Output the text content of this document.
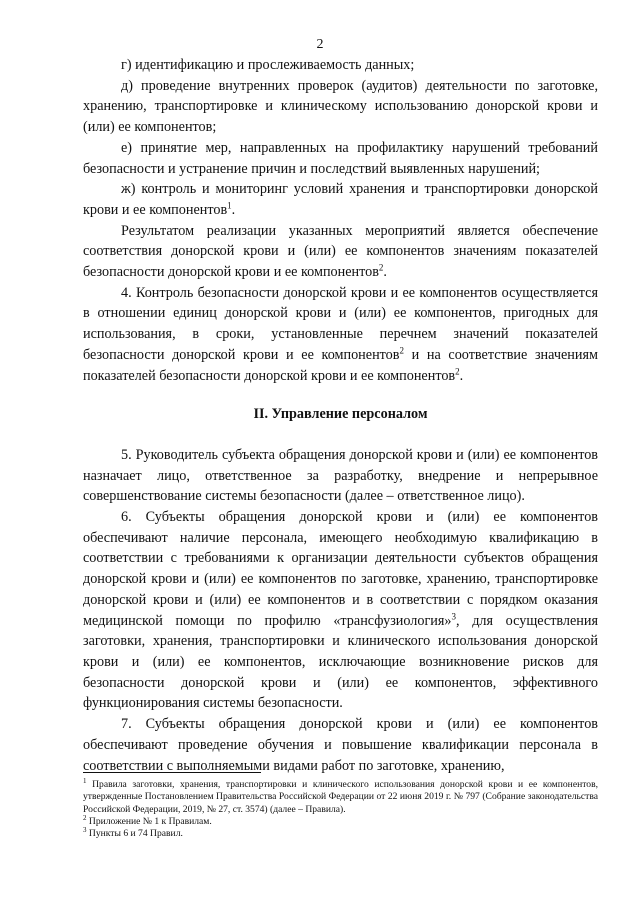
2

г) идентификацию и прослеживаемость данных;

д) проведение внутренних проверок (аудитов) деятельности по заготовке, хранению, транспортировке и клиническому использованию донорской крови и (или) ее компонентов;

е) принятие мер, направленных на профилактику нарушений требований безопасности и устранение причин и последствий выявленных нарушений;

ж) контроль и мониторинг условий хранения и транспортировки донорской крови и ее компонентов$^1$.

Результатом реализации указанных мероприятий является обеспечение соответствия донорской крови и (или) ее компонентов значениям показателей безопасности донорской крови и ее компонентов$^2$.

4. Контроль безопасности донорской крови и ее компонентов осуществляется в отношении единиц донорской крови и (или) ее компонентов, пригодных для использования, в сроки, установленные перечнем значений показателей безопасности донорской крови и ее компонентов$^2$ и на соответствие значениям показателей безопасности донорской крови и ее компонентов$^2$.

II. Управление персоналом

5. Руководитель субъекта обращения донорской крови и (или) ее компонентов назначает лицо, ответственное за разработку, внедрение и непрерывное совершенствование системы безопасности (далее – ответственное лицо).

6. Субъекты обращения донорской крови и (или) ее компонентов обеспечивают наличие персонала, имеющего необходимую квалификацию в соответствии с требованиями к организации деятельности субъектов обращения донорской крови и (или) ее компонентов по заготовке, хранению, транспортировке донорской крови и (или) ее компонентов и в соответствии с порядком оказания медицинской помощи по профилю «трансфузиология»$^3$, для осуществления заготовки, хранения, транспортировки и клинического использования донорской крови и (или) ее компонентов, исключающие возникновение рисков для безопасности донорской крови и (или) ее компонентов, эффективного функционирования системы безопасности.

7. Субъекты обращения донорской крови и (или) ее компонентов обеспечивают проведение обучения и повышение квалификации персонала в соответствии с выполняемыми видами работ по заготовке, хранению,

$^1$ Правила заготовки, хранения, транспортировки и клинического использования донорской крови и ее компонентов, утвержденные Постановлением Правительства Российской Федерации от 22 июня 2019 г. № 797 (Собрание законодательства Российской Федерации, 2019, № 27, ст. 3574) (далее – Правила).

$^2$ Приложение № 1 к Правилам.

$^3$ Пункты 6 и 74 Правил.
